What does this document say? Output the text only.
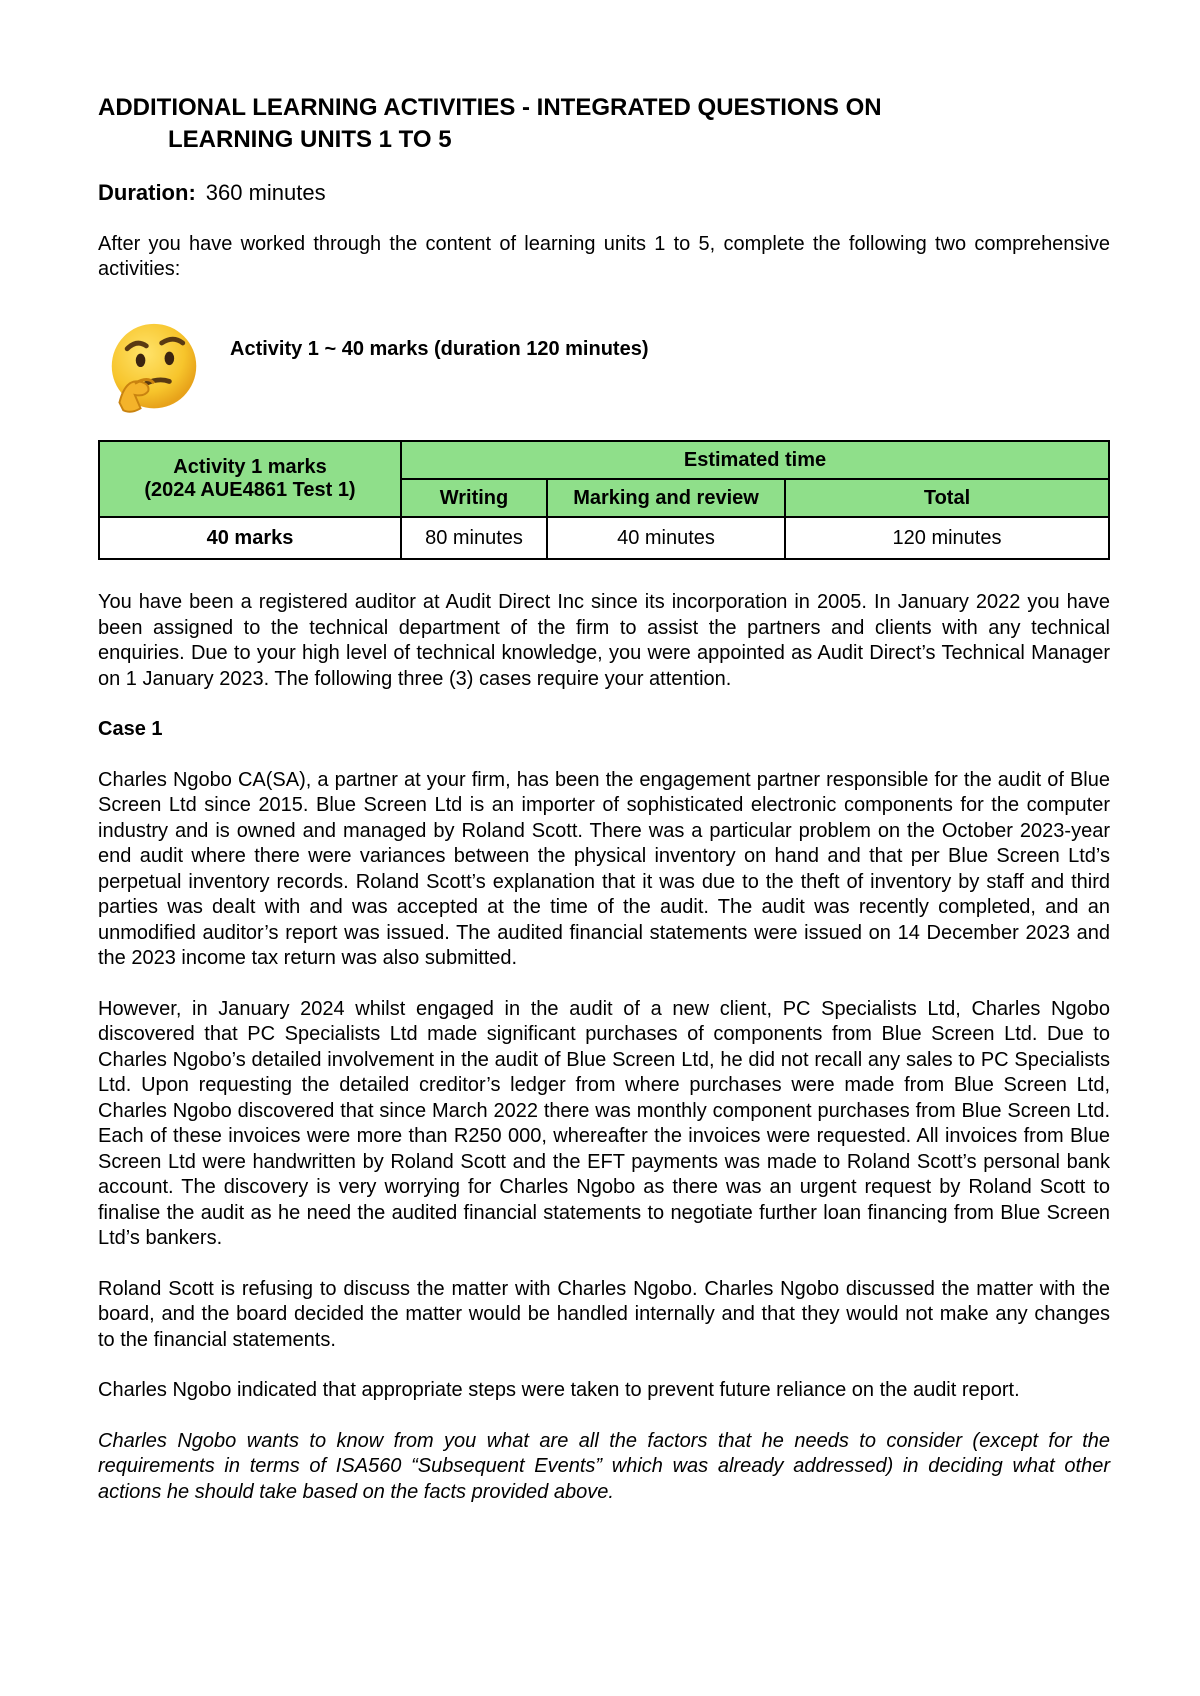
ADDITIONAL LEARNING ACTIVITIES - INTEGRATED QUESTIONS ON
LEARNING UNITS 1 TO 5
Duration: 360 minutes
After you have worked through the content of learning units 1 to 5, complete the following two comprehensive activities:
Activity 1 ~ 40 marks (duration 120 minutes)
Activity 1 marks
(2024 AUE4861 Test 1)	Estimated time		
	Writing	Marking and review	Total
40 marks	80 minutes	40 minutes	120 minutes

You have been a registered auditor at Audit Direct Inc since its incorporation in 2005. In January 2022 you have been assigned to the technical department of the firm to assist the partners and clients with any technical enquiries. Due to your high level of technical knowledge, you were appointed as Audit Direct’s Technical Manager on 1 January 2023. The following three (3) cases require your attention.

Case 1

Charles Ngobo CA(SA), a partner at your firm, has been the engagement partner responsible for the audit of Blue Screen Ltd since 2015. Blue Screen Ltd is an importer of sophisticated electronic components for the computer industry and is owned and managed by Roland Scott. There was a particular problem on the October 2023-year end audit where there were variances between the physical inventory on hand and that per Blue Screen Ltd’s perpetual inventory records. Roland Scott’s explanation that it was due to the theft of inventory by staff and third parties was dealt with and was accepted at the time of the audit. The audit was recently completed, and an unmodified auditor’s report was issued. The audited financial statements were issued on 14 December 2023 and the 2023 income tax return was also submitted.

However, in January 2024 whilst engaged in the audit of a new client, PC Specialists Ltd, Charles Ngobo discovered that PC Specialists Ltd made significant purchases of components from Blue Screen Ltd. Due to Charles Ngobo’s detailed involvement in the audit of Blue Screen Ltd, he did not recall any sales to PC Specialists Ltd. Upon requesting the detailed creditor’s ledger from where purchases were made from Blue Screen Ltd, Charles Ngobo discovered that since March 2022 there was monthly component purchases from Blue Screen Ltd. Each of these invoices were more than R250 000, whereafter the invoices were requested. All invoices from Blue Screen Ltd were handwritten by Roland Scott and the EFT payments was made to Roland Scott’s personal bank account. The discovery is very worrying for Charles Ngobo as there was an urgent request by Roland Scott to finalise the audit as he need the audited financial statements to negotiate further loan financing from Blue Screen Ltd’s bankers.

Roland Scott is refusing to discuss the matter with Charles Ngobo. Charles Ngobo discussed the matter with the board, and the board decided the matter would be handled internally and that they would not make any changes to the financial statements.

Charles Ngobo indicated that appropriate steps were taken to prevent future reliance on the audit report.

Charles Ngobo wants to know from you what are all the factors that he needs to consider (except for the requirements in terms of ISA560 “Subsequent Events” which was already addressed) in deciding what other actions he should take based on the facts provided above.
